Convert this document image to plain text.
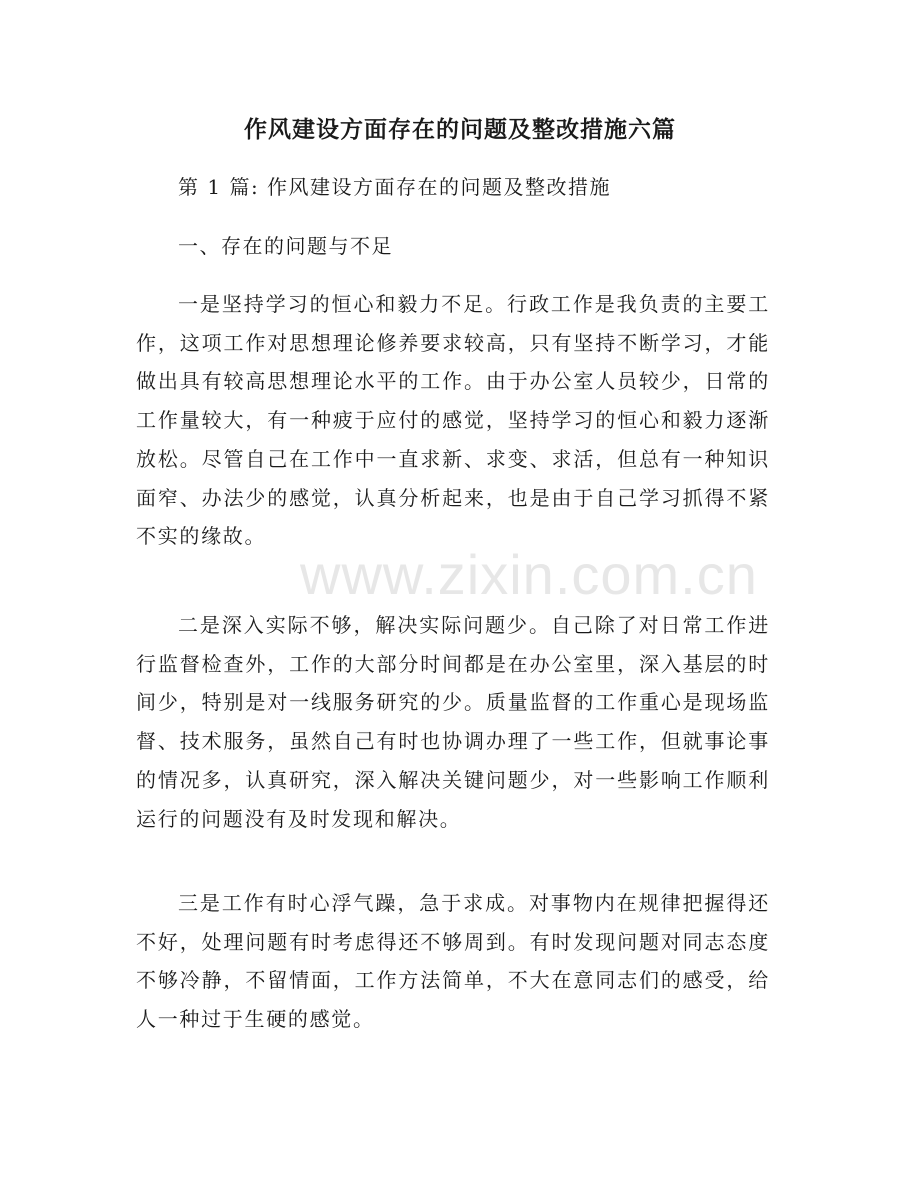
作风建设方面存在的问题及整改措施六篇

第 1 篇: 作风建设方面存在的问题及整改措施

一、存在的问题与不足

一是坚持学习的恒心和毅力不足。行政工作是我负责的主要工作，这项工作对思想理论修养要求较高，只有坚持不断学习，才能做出具有较高思想理论水平的工作。由于办公室人员较少，日常的工作量较大，有一种疲于应付的感觉，坚持学习的恒心和毅力逐渐放松。尽管自己在工作中一直求新、求变、求活，但总有一种知识面窄、办法少的感觉，认真分析起来，也是由于自己学习抓得不紧不实的缘故。

二是深入实际不够，解决实际问题少。自己除了对日常工作进行监督检查外，工作的大部分时间都是在办公室里，深入基层的时间少，特别是对一线服务研究的少。质量监督的工作重心是现场监督、技术服务，虽然自己有时也协调办理了一些工作，但就事论事的情况多，认真研究，深入解决关键问题少，对一些影响工作顺利运行的问题没有及时发现和解决。

三是工作有时心浮气躁，急于求成。对事物内在规律把握得还不好，处理问题有时考虑得还不够周到。有时发现问题对同志态度不够冷静，不留情面，工作方法简单，不大在意同志们的感受，给人一种过于生硬的感觉。

www.zixin.com.cn
